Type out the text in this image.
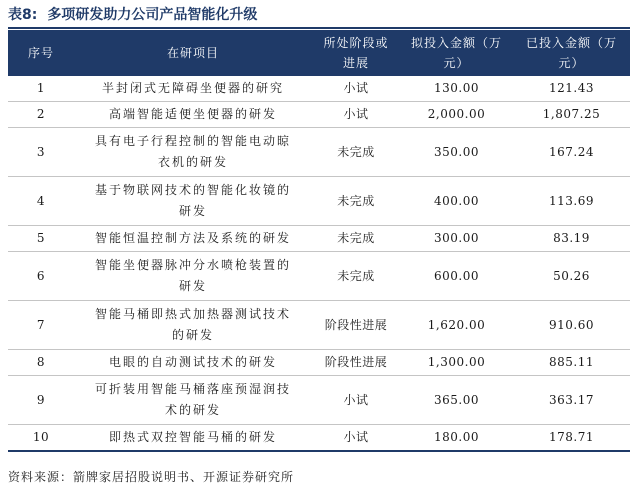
表8: 多项研发助力公司产品智能化升级
序号	在研项目	所处阶段或进展	拟投入金额（万元）	已投入金额（万元）
1	半封闭式无障碍坐便器的研究	小试	130.00	121.43
2	高端智能适便坐便器的研发	小试	2,000.00	1,807.25
3	具有电子行程控制的智能电动晾衣机的研发	未完成	350.00	167.24
4	基于物联网技术的智能化妆镜的研发	未完成	400.00	113.69
5	智能恒温控制方法及系统的研发	未完成	300.00	83.19
6	智能坐便器脉冲分水喷枪装置的研发	未完成	600.00	50.26
7	智能马桶即热式加热器测试技术的研发	阶段性进展	1,620.00	910.60
8	电眼的自动测试技术的研发	阶段性进展	1,300.00	885.11
9	可折装用智能马桶落座预湿润技术的研发	小试	365.00	363.17
10	即热式双控智能马桶的研发	小试	180.00	178.71
资料来源：箭牌家居招股说明书、开源证券研究所
